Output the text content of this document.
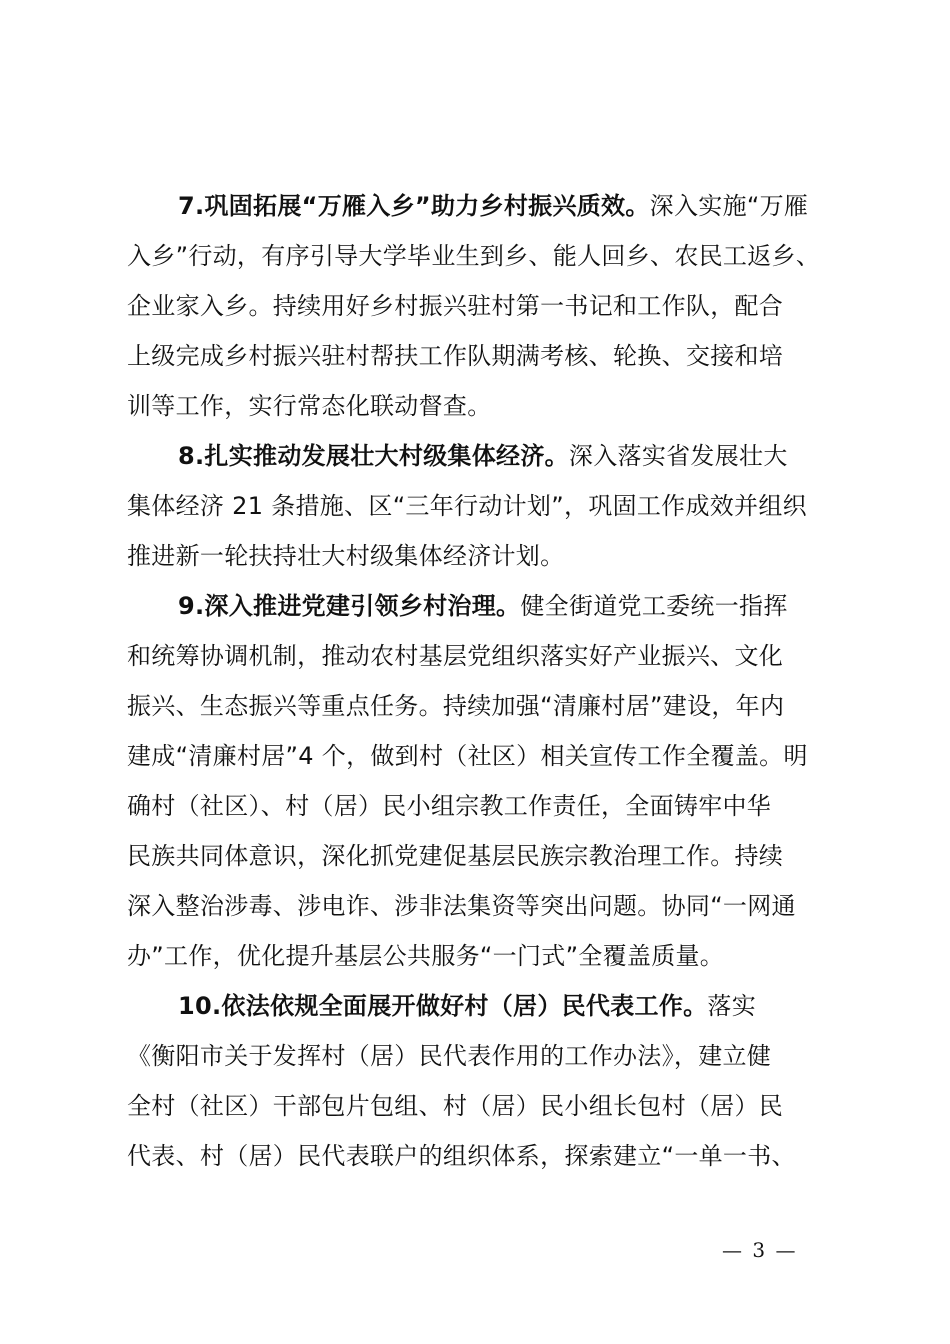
7.巩固拓展“万雁入乡”助力乡村振兴质效。深入实施“万雁
入乡”行动，有序引导大学毕业生到乡、能人回乡、农民工返乡、
企业家入乡。持续用好乡村振兴驻村第一书记和工作队，配合
上级完成乡村振兴驻村帮扶工作队期满考核、轮换、交接和培
训等工作，实行常态化联动督查。
8.扎实推动发展壮大村级集体经济。深入落实省发展壮大
集体经济 21 条措施、区“三年行动计划”，巩固工作成效并组织
推进新一轮扶持壮大村级集体经济计划。
9.深入推进党建引领乡村治理。健全街道党工委统一指挥
和统筹协调机制，推动农村基层党组织落实好产业振兴、文化
振兴、生态振兴等重点任务。持续加强“清廉村居”建设，年内
建成“清廉村居”4 个，做到村（社区）相关宣传工作全覆盖。明
确村（社区）、村（居）民小组宗教工作责任，全面铸牢中华
民族共同体意识，深化抓党建促基层民族宗教治理工作。持续
深入整治涉毒、涉电诈、涉非法集资等突出问题。协同“一网通
办”工作，优化提升基层公共服务“一门式”全覆盖质量。
10.依法依规全面展开做好村（居）民代表工作。落实
《衡阳市关于发挥村（居）民代表作用的工作办法》，建立健
全村（社区）干部包片包组、村（居）民小组长包村（居）民
代表、村（居）民代表联户的组织体系，探索建立“一单一书、
— 3 —
